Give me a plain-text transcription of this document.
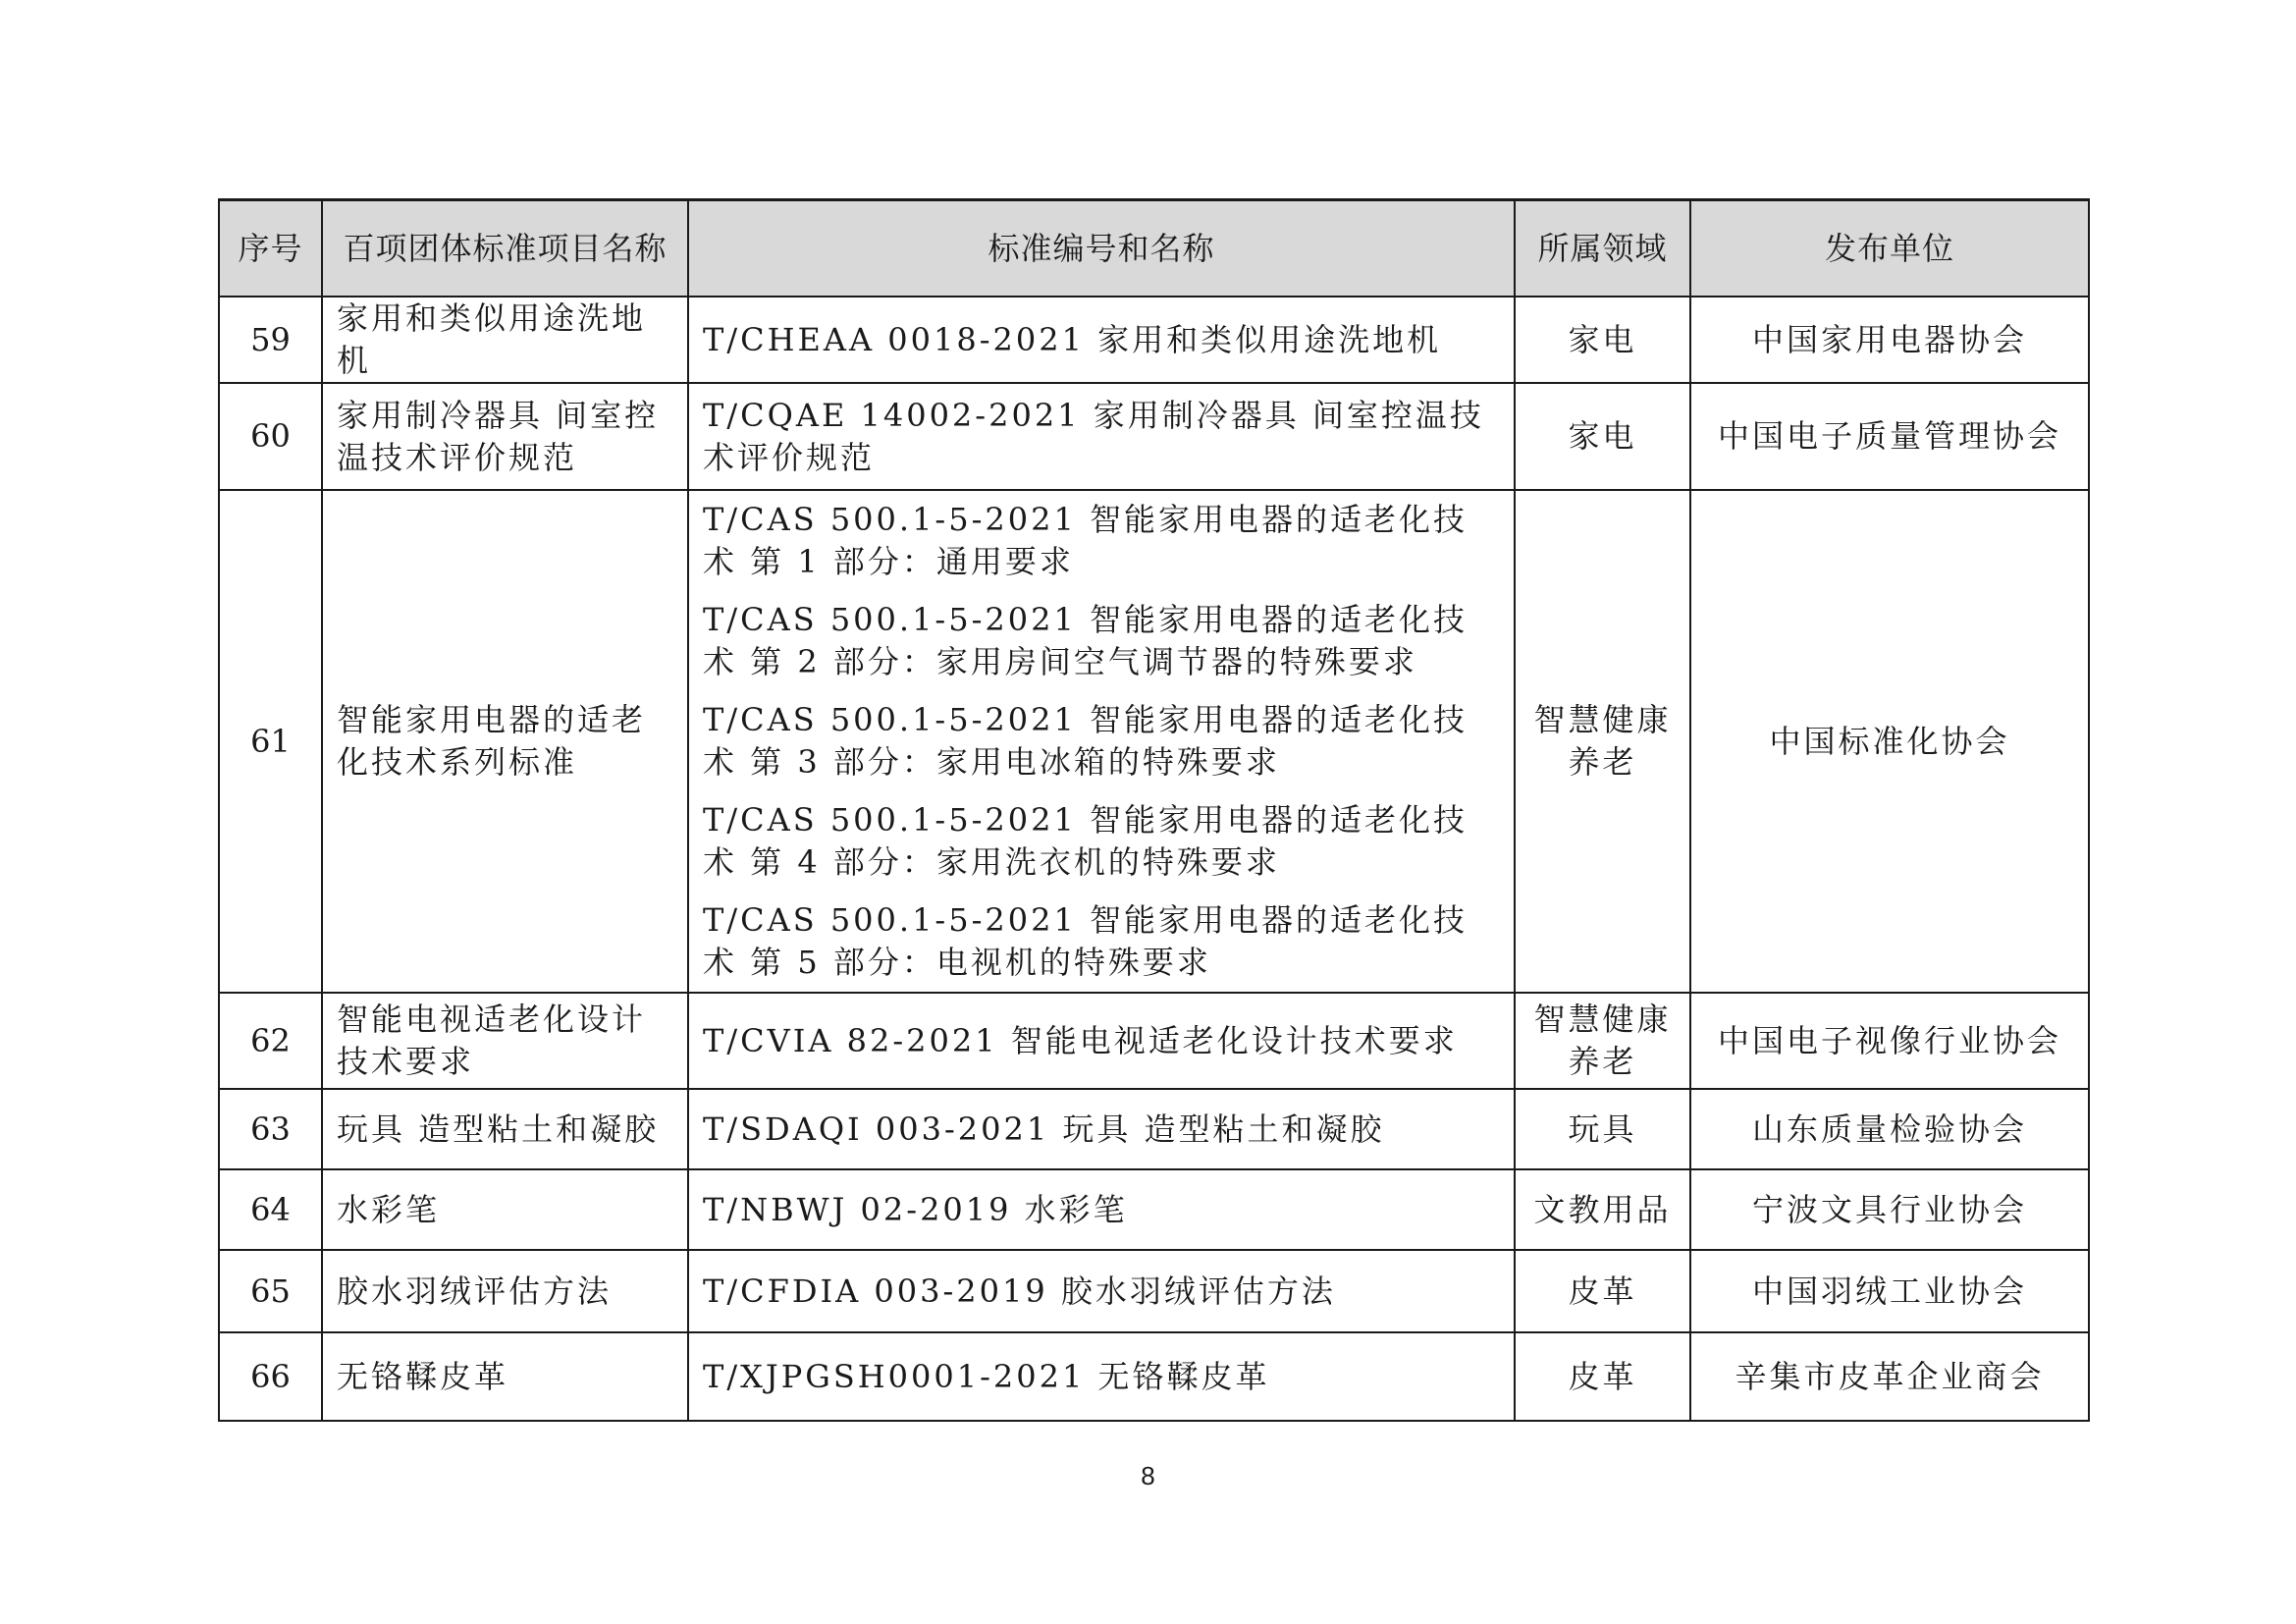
序号	百项团体标准项目名称	标准编号和名称	所属领域	发布单位
59	家用和类似用途洗地机	T/CHEAA 0018-2021 家用和类似用途洗地机	家电	中国家用电器协会
60	家用制冷器具 间室控温技术评价规范	T/CQAE 14002-2021 家用制冷器具 间室控温技术评价规范	家电	中国电子质量管理协会
61	智能家用电器的适老化技术系列标准	T/CAS 500.1-5-2021 智能家用电器的适老化技术 第 1 部分：通用要求
T/CAS 500.1-5-2021 智能家用电器的适老化技术 第 2 部分：家用房间空气调节器的特殊要求
T/CAS 500.1-5-2021 智能家用电器的适老化技术 第 3 部分：家用电冰箱的特殊要求
T/CAS 500.1-5-2021 智能家用电器的适老化技术 第 4 部分：家用洗衣机的特殊要求
T/CAS 500.1-5-2021 智能家用电器的适老化技术 第 5 部分：电视机的特殊要求	智慧健康养老	中国标准化协会
62	智能电视适老化设计技术要求	T/CVIA 82-2021 智能电视适老化设计技术要求	智慧健康养老	中国电子视像行业协会
63	玩具 造型粘土和凝胶	T/SDAQI 003-2021 玩具 造型粘土和凝胶	玩具	山东质量检验协会
64	水彩笔	T/NBWJ 02-2019 水彩笔	文教用品	宁波文具行业协会
65	胶水羽绒评估方法	T/CFDIA 003-2019 胶水羽绒评估方法	皮革	中国羽绒工业协会
66	无铬鞣皮革	T/XJPGSH0001-2021 无铬鞣皮革	皮革	辛集市皮革企业商会
8
